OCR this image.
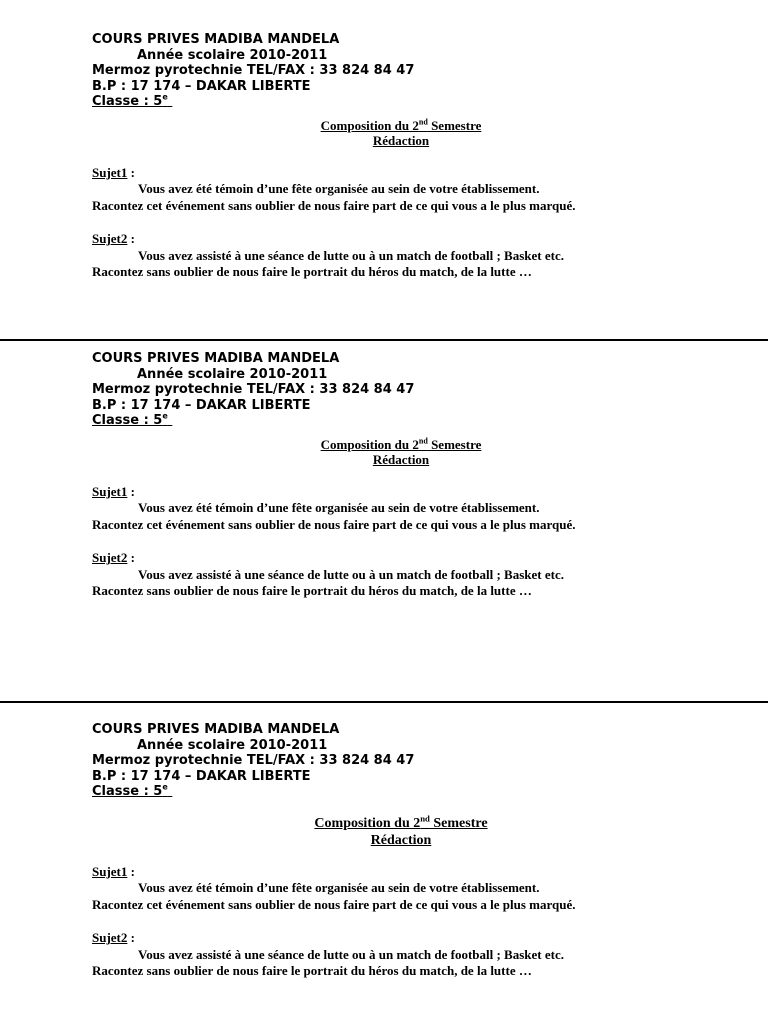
COURS PRIVES MADIBA MANDELA
Année scolaire 2010-2011
Mermoz pyrotechnie TEL/FAX : 33 824 84 47
B.P : 17 174 – DAKAR LIBERTE
Classe : 5e
Composition du 2nd Semestre
Rédaction
Sujet1 :
Vous avez été témoin d’une fête organisée au sein de votre établissement.
Racontez cet événement sans oublier de nous faire part de ce qui vous a le plus marqué.
Sujet2 :
Vous avez assisté à une séance de lutte ou à un match de football ; Basket etc.
Racontez sans oublier de nous faire le portrait du héros du match, de la lutte …
COURS PRIVES MADIBA MANDELA
Année scolaire 2010-2011
Mermoz pyrotechnie TEL/FAX : 33 824 84 47
B.P : 17 174 – DAKAR LIBERTE
Classe : 5e
Composition du 2nd Semestre
Rédaction
Sujet1 :
Vous avez été témoin d’une fête organisée au sein de votre établissement.
Racontez cet événement sans oublier de nous faire part de ce qui vous a le plus marqué.
Sujet2 :
Vous avez assisté à une séance de lutte ou à un match de football ; Basket etc.
Racontez sans oublier de nous faire le portrait du héros du match, de la lutte …
COURS PRIVES MADIBA MANDELA
Année scolaire 2010-2011
Mermoz pyrotechnie TEL/FAX : 33 824 84 47
B.P : 17 174 – DAKAR LIBERTE
Classe : 5e
Composition du 2nd Semestre
Rédaction
Sujet1 :
Vous avez été témoin d’une fête organisée au sein de votre établissement.
Racontez cet événement sans oublier de nous faire part de ce qui vous a le plus marqué.
Sujet2 :
Vous avez assisté à une séance de lutte ou à un match de football ; Basket etc.
Racontez sans oublier de nous faire le portrait du héros du match, de la lutte …
